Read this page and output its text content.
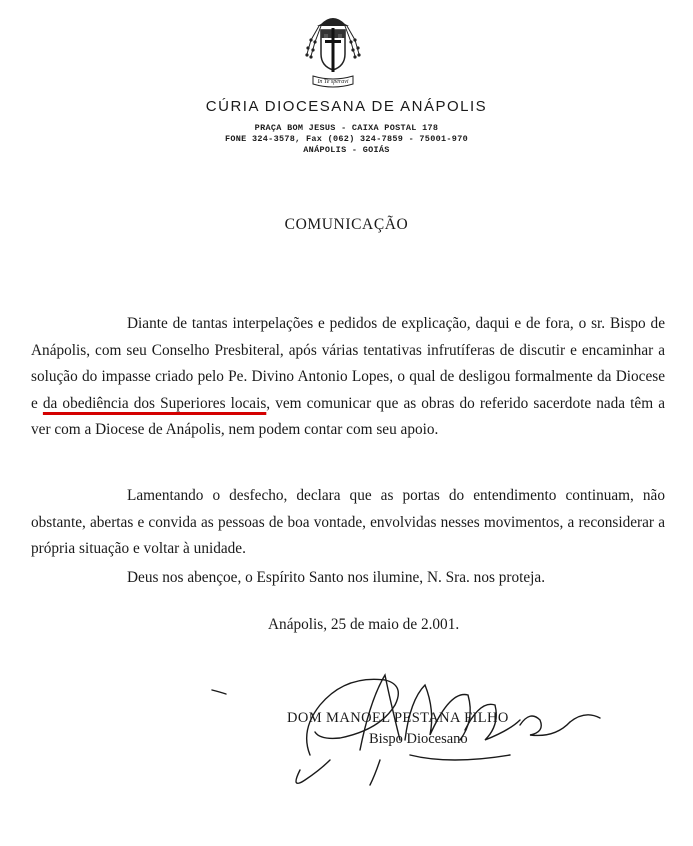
In Te speravi
CÚRIA DIOCESANA DE ANÁPOLIS
PRAÇA BOM JESUS - CAIXA POSTAL 178
FONE 324-3578, Fax (062) 324-7859 - 75001-970
ANÁPOLIS - GOIÁS
COMUNICAÇÃO

Diante de tantas interpelações e pedidos de explicação, daqui e de fora, o sr. Bispo de Anápolis, com seu Conselho Presbiteral, após várias tentativas infrutíferas de discutir e encaminhar a solução do impasse criado pelo Pe. Divino Antonio Lopes, o qual de desligou formalmente da Diocese e da obediência dos Superiores locais, vem comunicar que as obras do referido sacerdote nada têm a ver com a Diocese de Anápolis, nem podem contar com seu apoio.

Lamentando o desfecho, declara que as portas do entendimento continuam, não obstante, abertas e convida as pessoas de boa vontade, envolvidas nesses movimentos, a reconsiderar a própria situação e voltar à unidade.

Deus nos abençoe, o Espírito Santo nos ilumine, N. Sra. nos proteja.

Anápolis, 25 de maio de 2.001.
DOM MANOEL PESTANA FILHO
Bispo Diocesano
